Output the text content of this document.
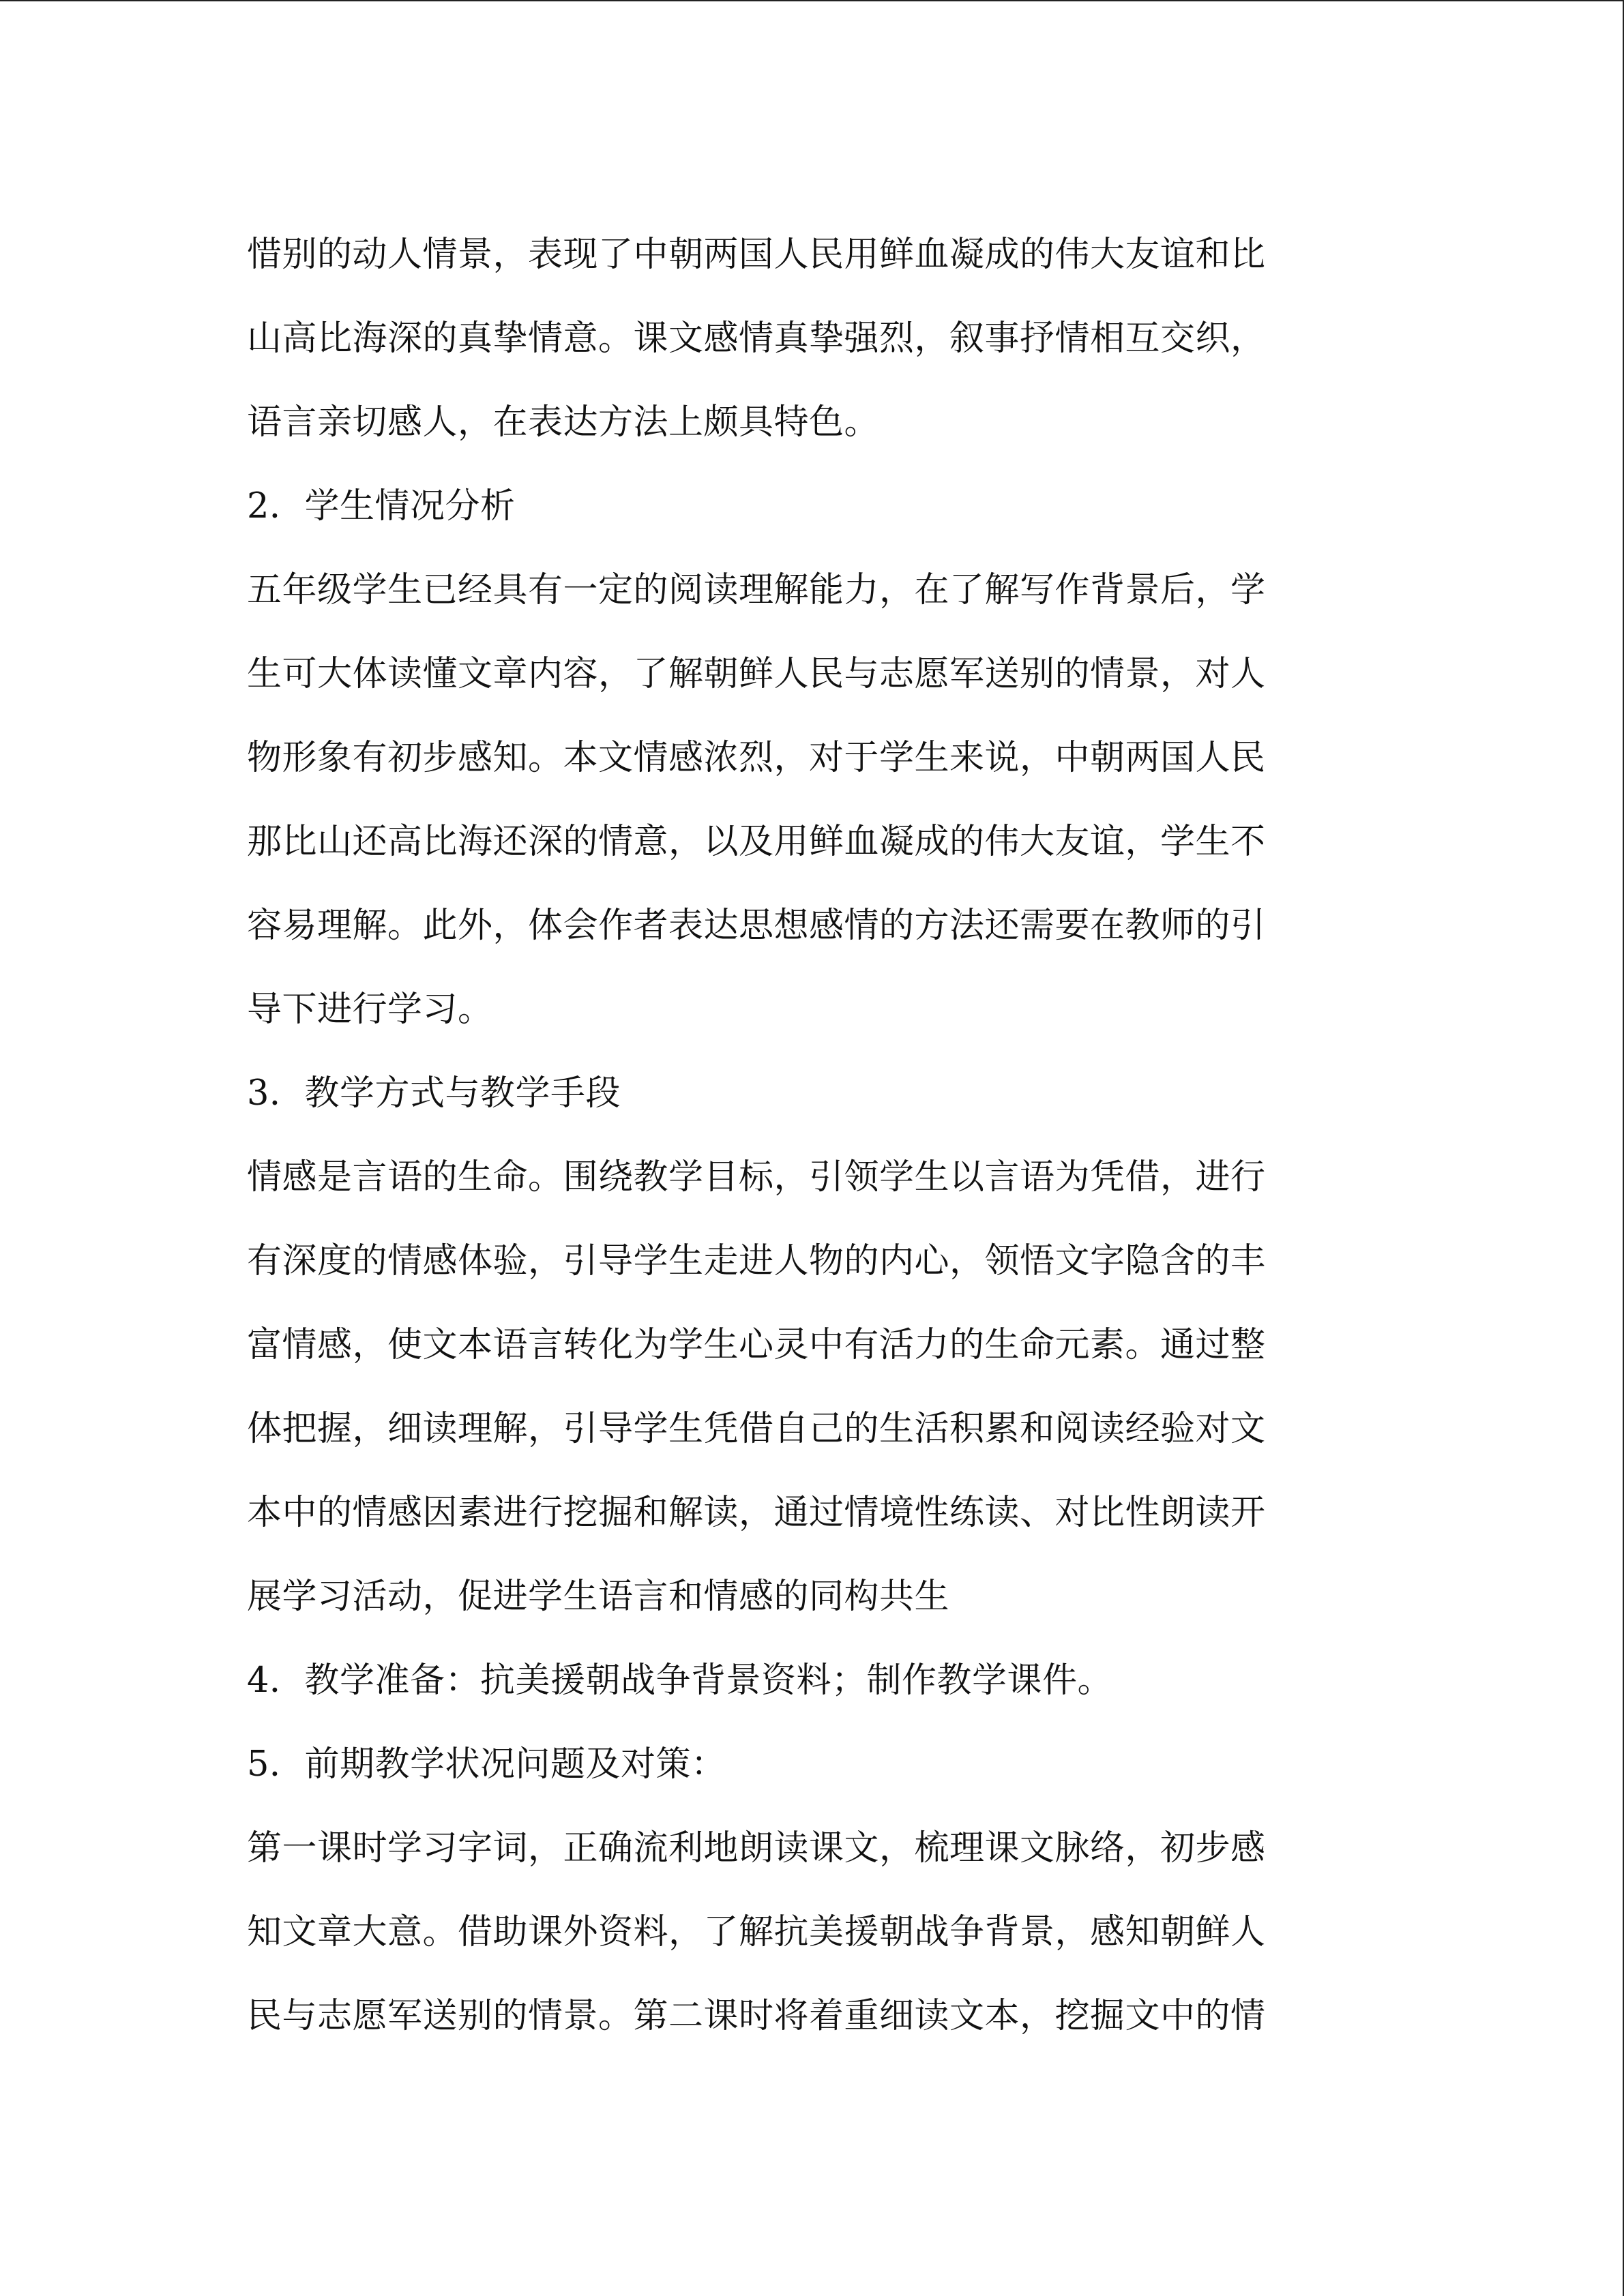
惜别的动人情景，表现了中朝两国人民用鲜血凝成的伟大友谊和比
山高比海深的真挚情意。课文感情真挚强烈，叙事抒情相互交织，
语言亲切感人，在表达方法上颇具特色。
2．学生情况分析
五年级学生已经具有一定的阅读理解能力，在了解写作背景后，学
生可大体读懂文章内容，了解朝鲜人民与志愿军送别的情景，对人
物形象有初步感知。本文情感浓烈，对于学生来说，中朝两国人民
那比山还高比海还深的情意，以及用鲜血凝成的伟大友谊，学生不
容易理解。此外，体会作者表达思想感情的方法还需要在教师的引
导下进行学习。
3．教学方式与教学手段
情感是言语的生命。围绕教学目标，引领学生以言语为凭借，进行
有深度的情感体验，引导学生走进人物的内心，领悟文字隐含的丰
富情感，使文本语言转化为学生心灵中有活力的生命元素。通过整
体把握，细读理解，引导学生凭借自己的生活积累和阅读经验对文
本中的情感因素进行挖掘和解读，通过情境性练读、对比性朗读开
展学习活动，促进学生语言和情感的同构共生
4．教学准备：抗美援朝战争背景资料；制作教学课件。
5．前期教学状况问题及对策：
第一课时学习字词，正确流利地朗读课文，梳理课文脉络，初步感
知文章大意。借助课外资料，了解抗美援朝战争背景，感知朝鲜人
民与志愿军送别的情景。第二课时将着重细读文本，挖掘文中的情
